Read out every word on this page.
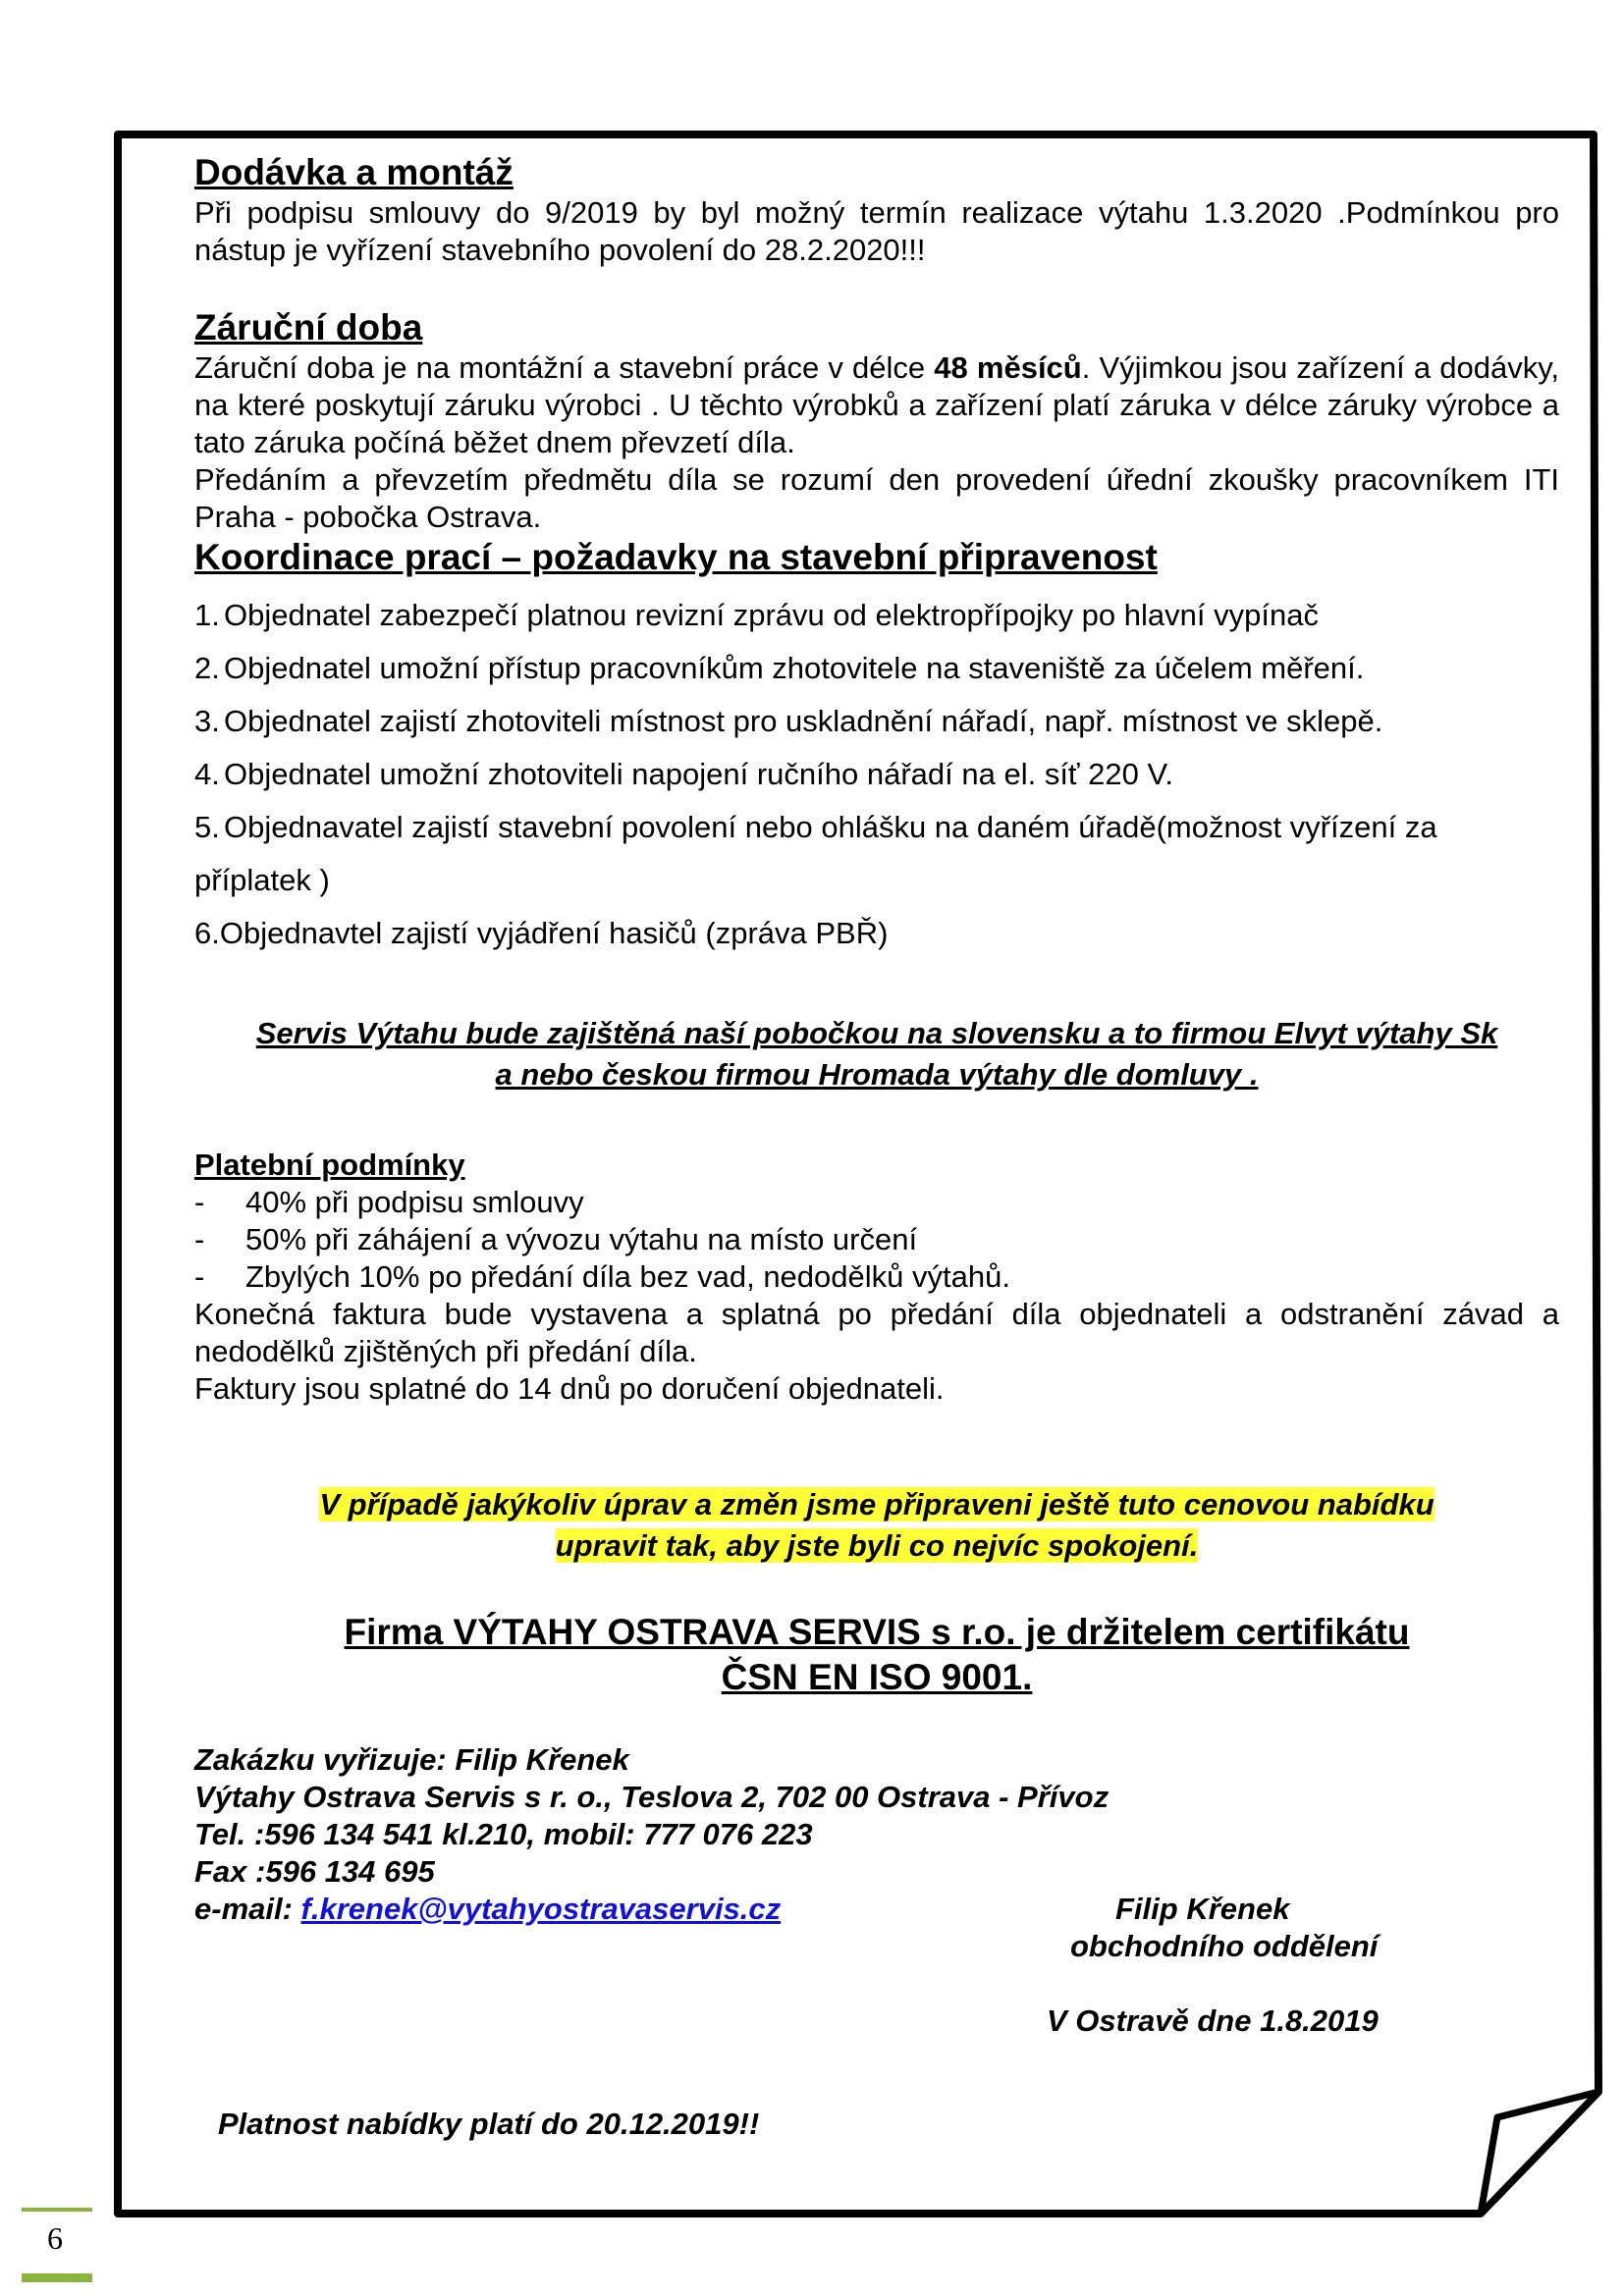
Dodávka a montáž
Při podpisu smlouvy do 9/2019 by byl možný termín realizace výtahu 1.3.2020 .Podmínkou pro
nástup je vyřízení stavebního povolení do 28.2.2020!!!
Záruční doba

Záruční doba je na montážní a stavební práce v délce 48 měsíců. Výjimkou jsou zařízení a dodávky, na které poskytují záruku výrobci . U těchto výrobků a zařízení platí záruka v délce záruky výrobce a tato záruka počíná běžet dnem převzetí díla.

Předáním a převzetím předmětu díla se rozumí den provedení úřední zkoušky pracovníkem ITI Praha - pobočka Ostrava.

Koordinace prací – požadavky na stavební připravenost
1. Objednatel zabezpečí platnou revizní zprávu od elektropřípojky po hlavní vypínač
2. Objednatel umožní přístup pracovníkům zhotovitele na staveniště za účelem měření.
3. Objednatel zajistí zhotoviteli místnost pro uskladnění nářadí, např. místnost ve sklepě.
4. Objednatel umožní zhotoviteli napojení ručního nářadí na el. síť 220 V.
5. Objednavatel zajistí stavební povolení nebo ohlášku na daném úřadě(možnost vyřízení za
příplatek )
6.Objednavtel zajistí vyjádření hasičů (zpráva PBŘ)
Servis Výtahu bude zajištěná naší pobočkou na slovensku a to firmou Elvyt výtahy Sk
a nebo českou firmou Hromada výtahy dle domluvy .
Platební podmínky
-	40% při podpisu smlouvy
-	50% při záhájení a vývozu výtahu na místo určení
-	Zbylých 10% po předání díla bez vad, nedodělků výtahů.

Konečná faktura bude vystavena a splatná po předání díla objednateli a odstranění závad a nedodělků zjištěných při předání díla.

Faktury jsou splatné do 14 dnů po doručení objednateli.

V případě jakýkoliv úprav a změn jsme připraveni ještě tuto cenovou nabídku
upravit tak, aby jste byli co nejvíc spokojení.
Firma VÝTAHY OSTRAVA SERVIS s r.o. je držitelem certifikátu
ČSN EN ISO 9001.
Zakázku vyřizuje: Filip Křenek
Výtahy Ostrava Servis s r. o., Teslova 2, 702 00 Ostrava - Přívoz
Tel. :596 134 541 kl.210, mobil: 777 076 223
Fax :596 134 695
e-mail: f.krenek@vytahyostravaservis.cz	Filip Křenek
obchodního oddělení
V Ostravě dne 1.8.2019
Platnost nabídky platí do 20.12.2019!!
6
